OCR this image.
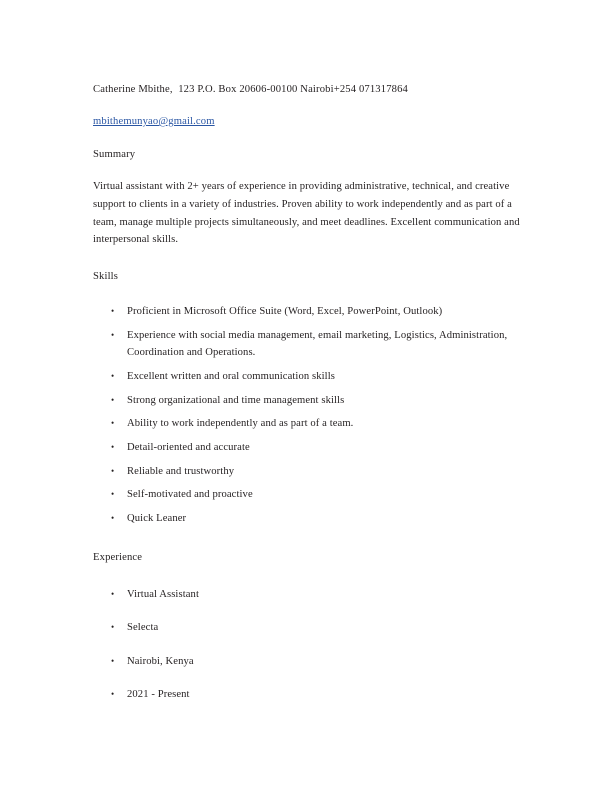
Catherine Mbithe,  123 P.O. Box 20606-00100 Nairobi+254 071317864
mbithemunyao@gmail.com
Summary
Virtual assistant with 2+ years of experience in providing administrative, technical, and creative support to clients in a variety of industries. Proven ability to work independently and as part of a team, manage multiple projects simultaneously, and meet deadlines. Excellent communication and interpersonal skills.
Skills
•	Proficient in Microsoft Office Suite (Word, Excel, PowerPoint, Outlook)
•	Experience with social media management, email marketing, Logistics, Administration, Coordination and Operations.
•	Excellent written and oral communication skills
•	Strong organizational and time management skills
•	Ability to work independently and as part of a team.
•	Detail-oriented and accurate
•	Reliable and trustworthy
•	Self-motivated and proactive
•	Quick Leaner
Experience
•	Virtual Assistant
•	Selecta
•	Nairobi, Kenya
•	2021 - Present
